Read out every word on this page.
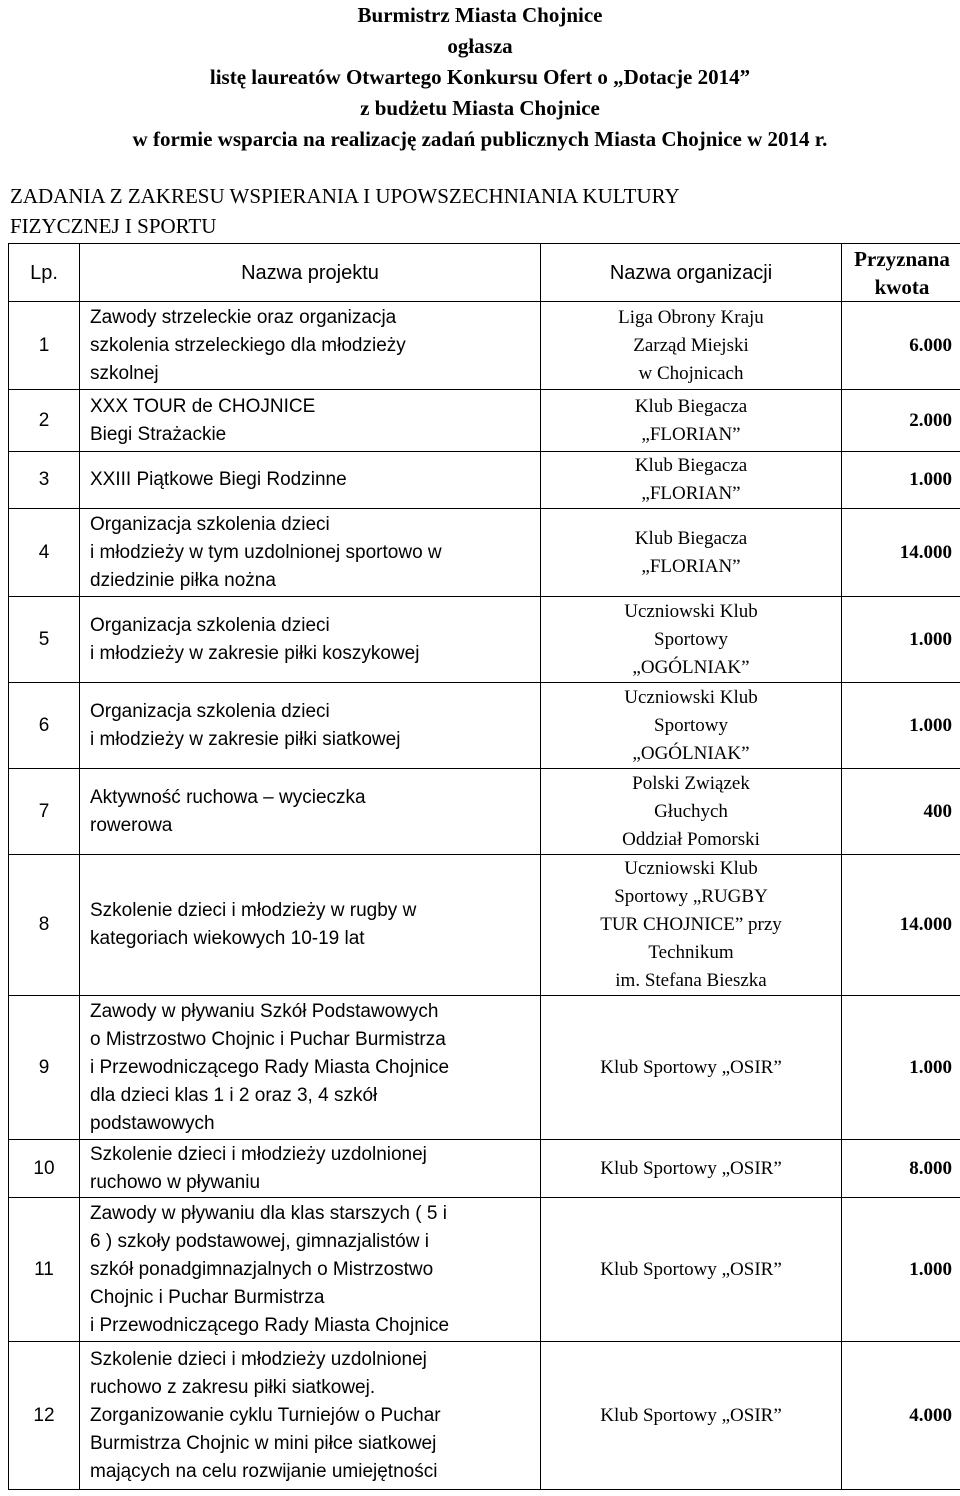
Burmistrz Miasta Chojnice
ogłasza
listę laureatów Otwartego Konkursu Ofert o „Dotacje 2014”
z budżetu Miasta Chojnice
w formie wsparcia na realizację zadań publicznych Miasta Chojnice w 2014 r.
ZADANIA Z ZAKRESU WSPIERANIA I UPOWSZECHNIANIA KULTURY
FIZYCZNEJ I SPORTU
Lp.	Nazwa projektu	Nazwa organizacji	Przyznana
kwota
1	Zawody strzeleckie oraz organizacja
szkolenia strzeleckiego dla młodzieży
szkolnej	Liga Obrony Kraju
Zarząd Miejski
w Chojnicach	6.000
2	XXX TOUR de CHOJNICE
Biegi Strażackie	Klub Biegacza
„FLORIAN”	2.000
3	XXIII Piątkowe Biegi Rodzinne	Klub Biegacza
„FLORIAN”	1.000
4	Organizacja szkolenia dzieci
i młodzieży w tym uzdolnionej sportowo w
dziedzinie piłka nożna	Klub Biegacza
„FLORIAN”	14.000
5	Organizacja szkolenia dzieci
i młodzieży w zakresie piłki koszykowej	Uczniowski Klub
Sportowy
„OGÓLNIAK”	1.000
6	Organizacja szkolenia dzieci
i młodzieży w zakresie piłki siatkowej	Uczniowski Klub
Sportowy
„OGÓLNIAK”	1.000
7	Aktywność ruchowa – wycieczka
rowerowa	Polski Związek
Głuchych
Oddział Pomorski	400
8	Szkolenie dzieci i młodzieży w rugby w
kategoriach wiekowych 10-19 lat	Uczniowski Klub
Sportowy „RUGBY
TUR CHOJNICE” przy
Technikum
im. Stefana Bieszka	14.000
9	Zawody w pływaniu Szkół Podstawowych
o Mistrzostwo Chojnic i Puchar Burmistrza
i Przewodniczącego Rady Miasta Chojnice
dla dzieci klas 1 i 2 oraz 3, 4 szkół
podstawowych	Klub Sportowy „OSIR”	1.000
10	Szkolenie dzieci i młodzieży uzdolnionej
ruchowo w pływaniu	Klub Sportowy „OSIR”	8.000
11	Zawody w pływaniu dla klas starszych ( 5 i
6 ) szkoły podstawowej, gimnazjalistów i
szkół ponadgimnazjalnych o Mistrzostwo
Chojnic i Puchar Burmistrza
i Przewodniczącego Rady Miasta Chojnice	Klub Sportowy „OSIR”	1.000
12	Szkolenie dzieci i młodzieży uzdolnionej
ruchowo z zakresu piłki siatkowej.
Zorganizowanie cyklu Turniejów o Puchar
Burmistrza Chojnic w mini piłce siatkowej
mających na celu rozwijanie umiejętności	Klub Sportowy „OSIR”	4.000
